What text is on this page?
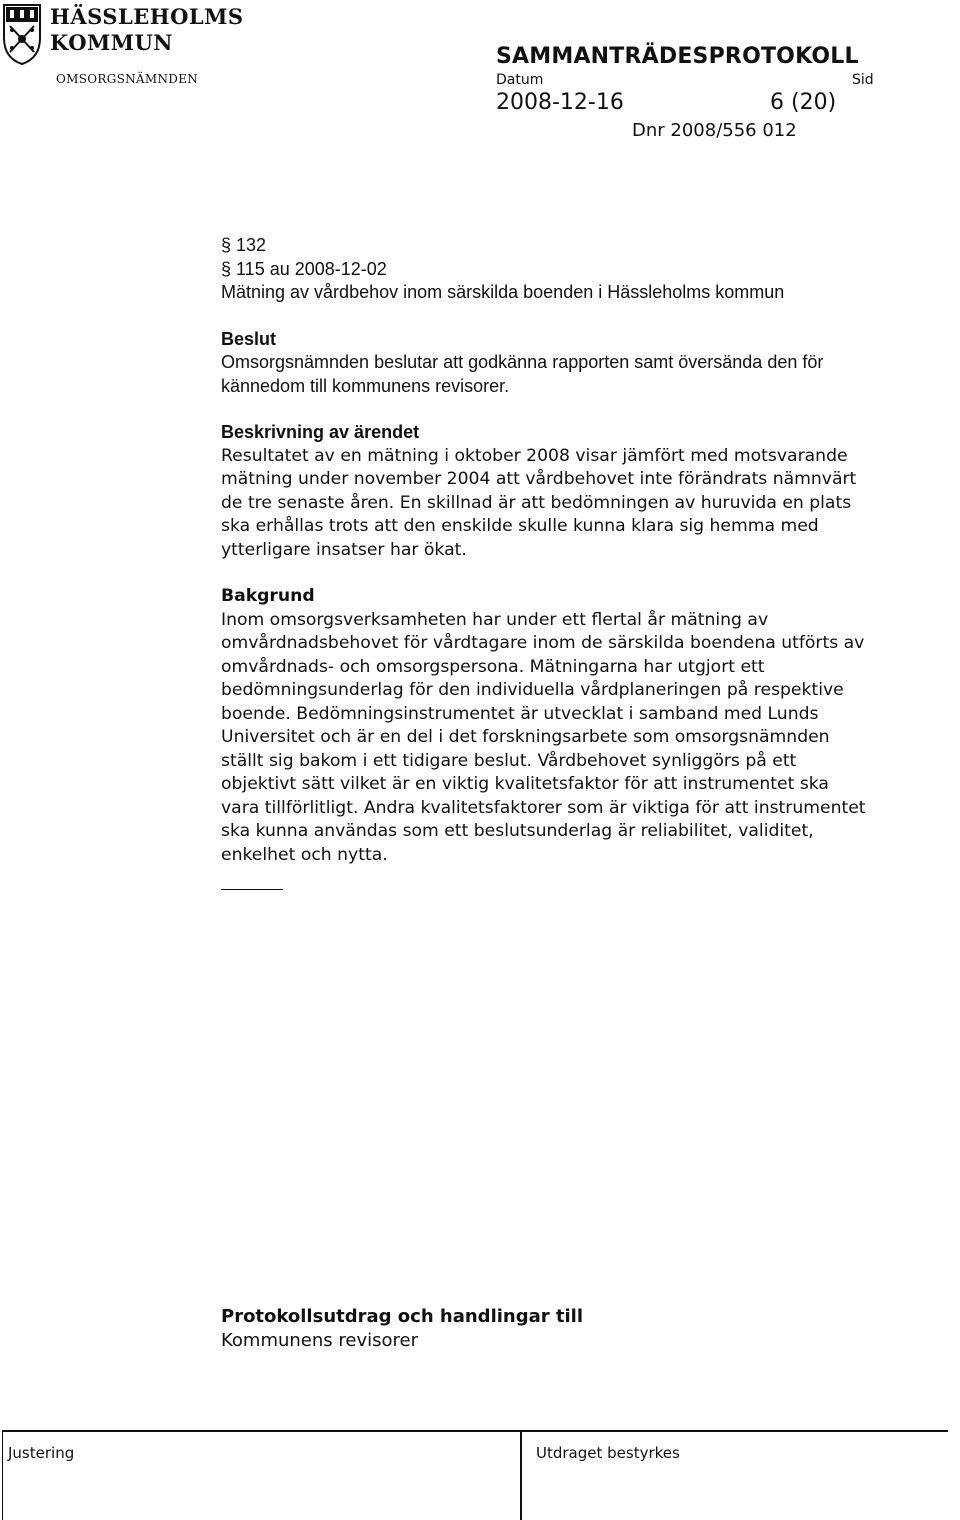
HÄSSLEHOLMS
KOMMUN
OMSORGSNÄMNDEN
SAMMANTRÄDESPROTOKOLL
Datum	Sid
2008-12-16	6 (20)
Dnr 2008/556 012

§ 132

§ 115 au 2008-12-02

Mätning av vårdbehov inom särskilda boenden i Hässleholms kommun

Beslut

Omsorgsnämnden beslutar att godkänna rapporten samt översända den för

kännedom till kommunens revisorer.

Beskrivning av ärendet

Resultatet av en mätning i oktober 2008 visar jämfört med motsvarande

mätning under november 2004 att vårdbehovet inte förändrats nämnvärt

de tre senaste åren. En skillnad är att bedömningen av huruvida en plats

ska erhållas trots att den enskilde skulle kunna klara sig hemma med

ytterligare insatser har ökat.

Bakgrund

Inom omsorgsverksamheten har under ett flertal år mätning av

omvårdnadsbehovet för vårdtagare inom de särskilda boendena utförts av

omvårdnads- och omsorgspersona. Mätningarna har utgjort ett

bedömningsunderlag för den individuella vårdplaneringen på respektive

boende. Bedömningsinstrumentet är utvecklat i samband med Lunds

Universitet och är en del i det forskningsarbete som omsorgsnämnden

ställt sig bakom i ett tidigare beslut. Vårdbehovet synliggörs på ett

objektivt sätt vilket är en viktig kvalitetsfaktor för att instrumentet ska

vara tillförlitligt. Andra kvalitetsfaktorer som är viktiga för att instrumentet

ska kunna användas som ett beslutsunderlag är reliabilitet, validitet,

enkelhet och nytta.

Protokollsutdrag och handlingar till
Kommunens revisorer
Justering	Utdraget bestyrkes
